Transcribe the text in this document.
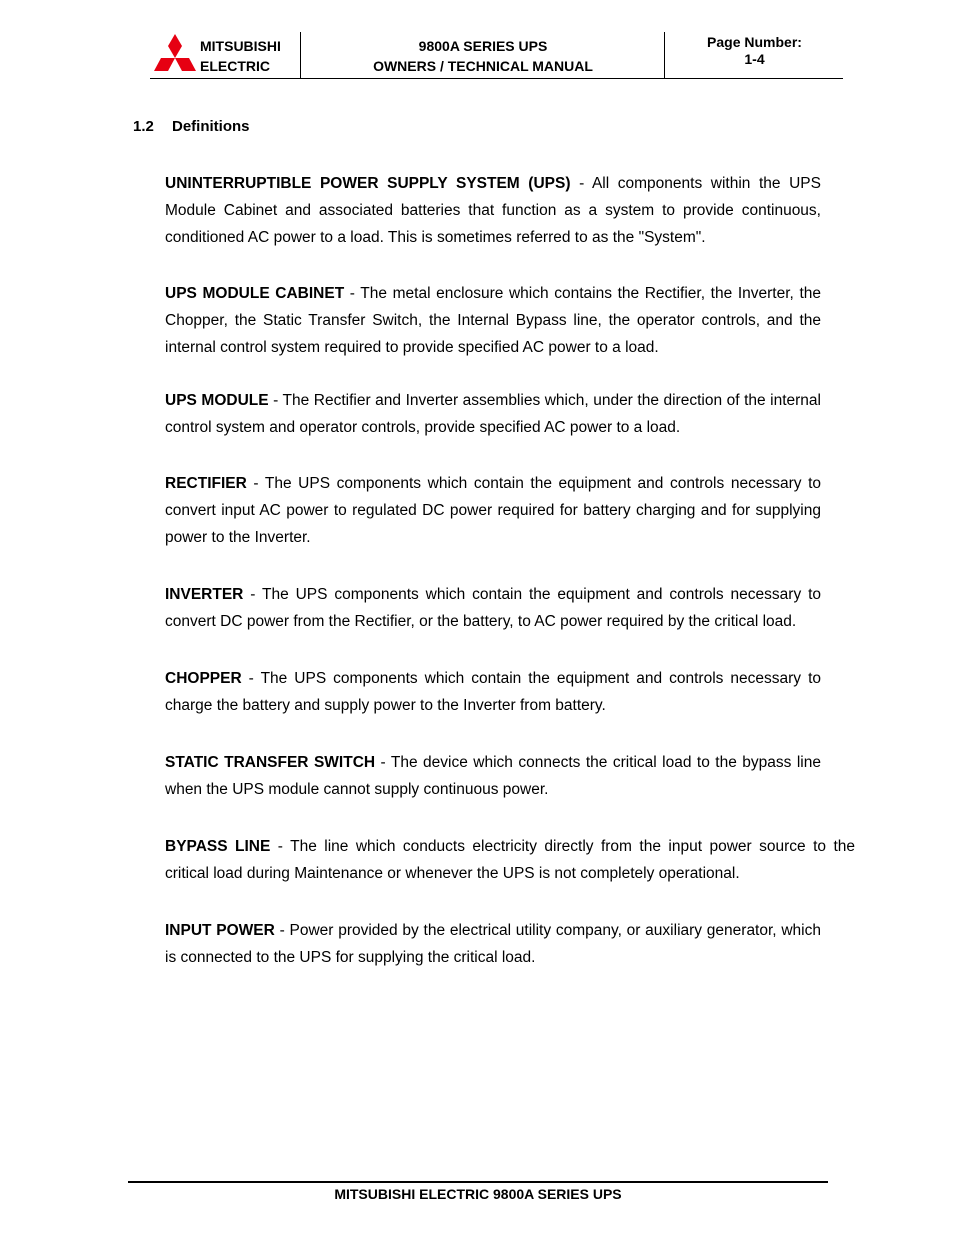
MITSUBISHI
ELECTRIC
9800A SERIES UPS
OWNERS / TECHNICAL MANUAL
Page Number:
1-4
1.2 Definitions

UNINTERRUPTIBLE POWER SUPPLY SYSTEM (UPS) - All components within the UPS Module Cabinet and associated batteries that function as a system to provide continuous, conditioned AC power to a load. This is sometimes referred to as the "System".

UPS MODULE CABINET - The metal enclosure which contains the Rectifier, the Inverter, the Chopper, the Static Transfer Switch, the Internal Bypass line, the operator controls, and the internal control system required to provide specified AC power to a load.

UPS MODULE - The Rectifier and Inverter assemblies which, under the direction of the internal control system and operator controls, provide specified AC power to a load.

RECTIFIER - The UPS components which contain the equipment and controls necessary to convert input AC power to regulated DC power required for battery charging and for supplying power to the Inverter.

INVERTER - The UPS components which contain the equipment and controls necessary to convert DC power from the Rectifier, or the battery, to AC power required by the critical load.

CHOPPER - The UPS components which contain the equipment and controls necessary to charge the battery and supply power to the Inverter from battery.

STATIC TRANSFER SWITCH - The device which connects the critical load to the bypass line when the UPS module cannot supply continuous power.

BYPASS LINE - The line which conducts electricity directly from the input power source to the critical load during Maintenance or whenever the UPS is not completely operational.

INPUT POWER - Power provided by the electrical utility company, or auxiliary generator, which is connected to the UPS for supplying the critical load.

MITSUBISHI ELECTRIC 9800A SERIES UPS
